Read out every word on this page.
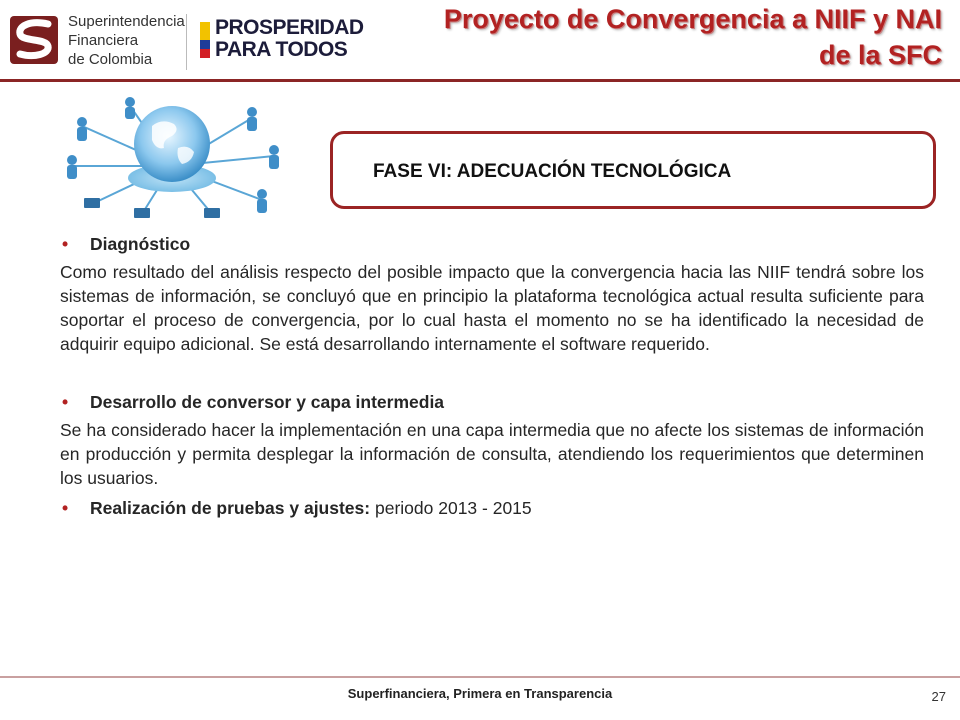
Superintendencia
Financiera
de Colombia
PROSPERIDAD
PARA TODOS
Proyecto de Convergencia a NIIF y NAI
de la SFC
FASE VI: ADECUACIÓN TECNOLÓGICA
• Diagnóstico

Como resultado del análisis respecto del posible impacto que la convergencia hacia las NIIF tendrá sobre los sistemas de información, se concluyó que en principio la plataforma tecnológica actual resulta suficiente para soportar el proceso de convergencia, por lo cual hasta el momento no se ha identificado la necesidad de adquirir equipo adicional. Se está desarrollando internamente el software requerido.

• Desarrollo de conversor y capa intermedia

Se ha considerado hacer la implementación en una capa intermedia que no afecte los sistemas de información en producción y permita desplegar la información de consulta, atendiendo los requerimientos que determinen los usuarios.

• Realización de pruebas y ajustes: periodo 2013 - 2015
Superfinanciera, Primera en Transparencia	27
